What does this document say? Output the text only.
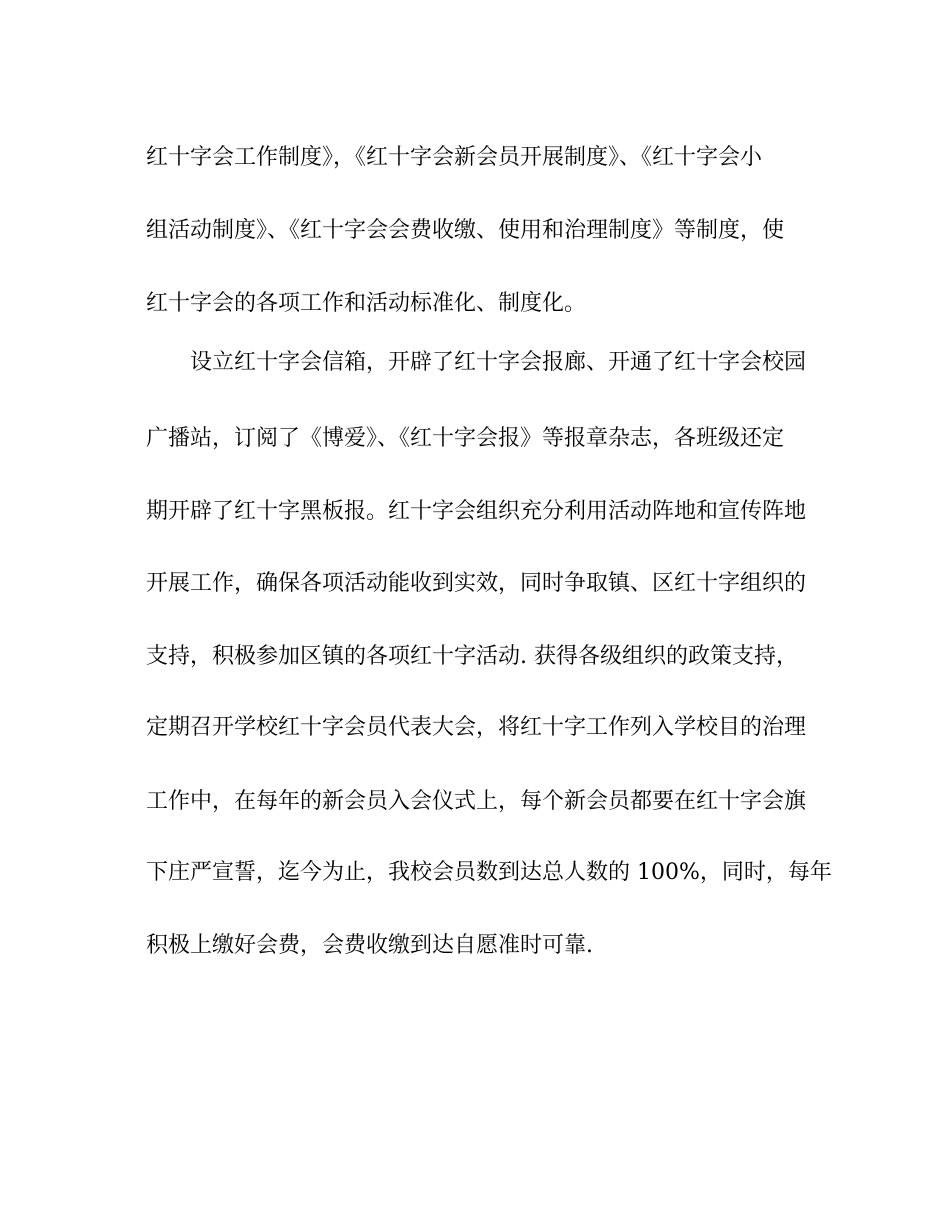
红十字会工作制度》，《红十字会新会员开展制度》、《红十字会小
组活动制度》、《红十字会会费收缴、使用和治理制度》等制度，使
红十字会的各项工作和活动标准化、制度化。
设立红十字会信箱，开辟了红十字会报廊、开通了红十字会校园
广播站，订阅了《博爱》、《红十字会报》等报章杂志，各班级还定
期开辟了红十字黑板报。红十字会组织充分利用活动阵地和宣传阵地
开展工作，确保各项活动能收到实效，同时争取镇、区红十字组织的
支持，积极参加区镇的各项红十字活动. 获得各级组织的政策支持，
定期召开学校红十字会员代表大会，将红十字工作列入学校目的治理
工作中，在每年的新会员入会仪式上，每个新会员都要在红十字会旗
下庄严宣誓，迄今为止，我校会员数到达总人数的 100%，同时，每年
积极上缴好会费，会费收缴到达自愿准时可靠.
